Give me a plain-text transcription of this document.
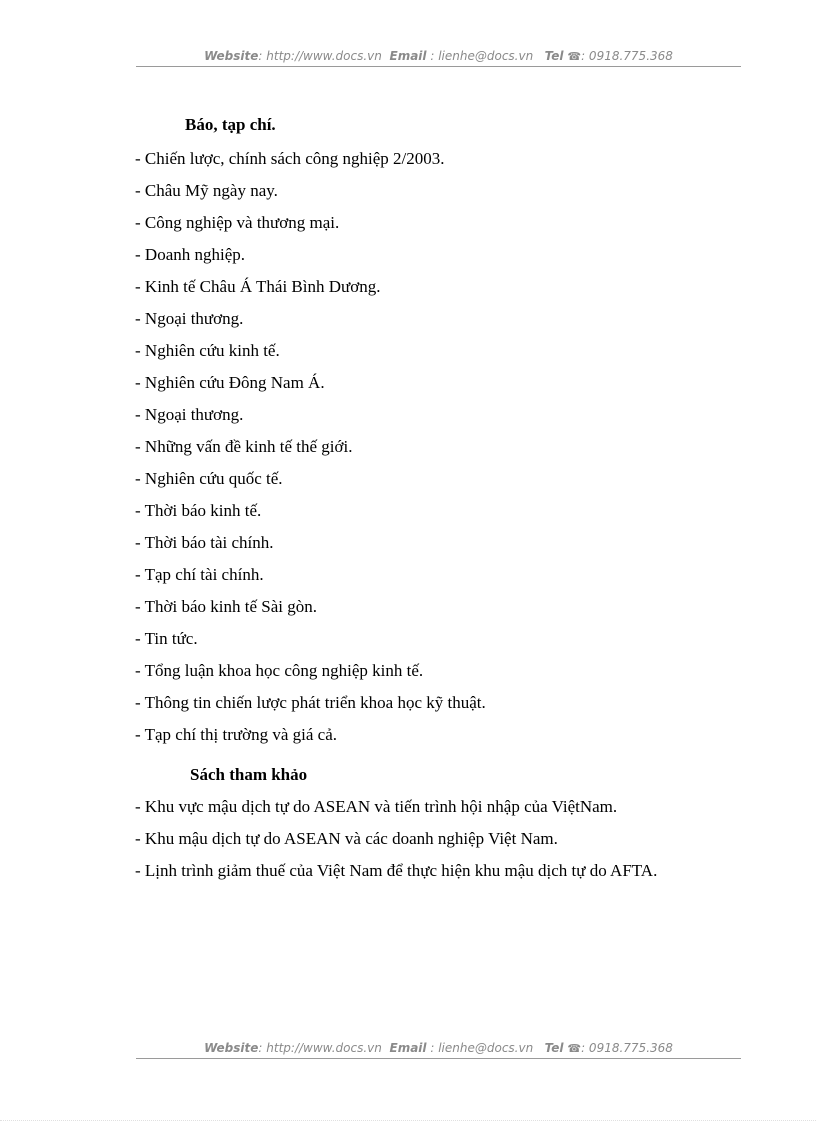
Website: http://www.docs.vn Email : lienhe@docs.vn Tel ☎: 0918.775.368
Báo, tạp chí.
- Chiến lược, chính sách công nghiệp 2/2003.
- Châu Mỹ ngày nay.
- Công nghiệp và thương mại.
- Doanh nghiệp.
- Kinh tế Châu Á Thái Bình Dương.
- Ngoại thương.
- Nghiên cứu kinh tế.
- Nghiên cứu Đông Nam Á.
- Ngoại thương.
- Những vấn đề kinh tế thế giới.
- Nghiên cứu quốc tế.
- Thời báo kinh tế.
- Thời báo tài chính.
- Tạp chí tài chính.
- Thời báo kinh tế Sài gòn.
- Tin tức.
- Tổng luận khoa học công nghiệp kinh tế.
- Thông tin chiến lược phát triển khoa học kỹ thuật.
- Tạp chí thị trường và giá cả.
Sách tham khảo
- Khu vực mậu dịch tự do ASEAN và tiến trình hội nhập của ViệtNam.
- Khu mậu dịch tự do ASEAN và các doanh nghiệp Việt Nam.
- Lịnh trình giảm thuế của Việt Nam để thực hiện khu mậu dịch tự do AFTA.
Website: http://www.docs.vn Email : lienhe@docs.vn Tel ☎: 0918.775.368
